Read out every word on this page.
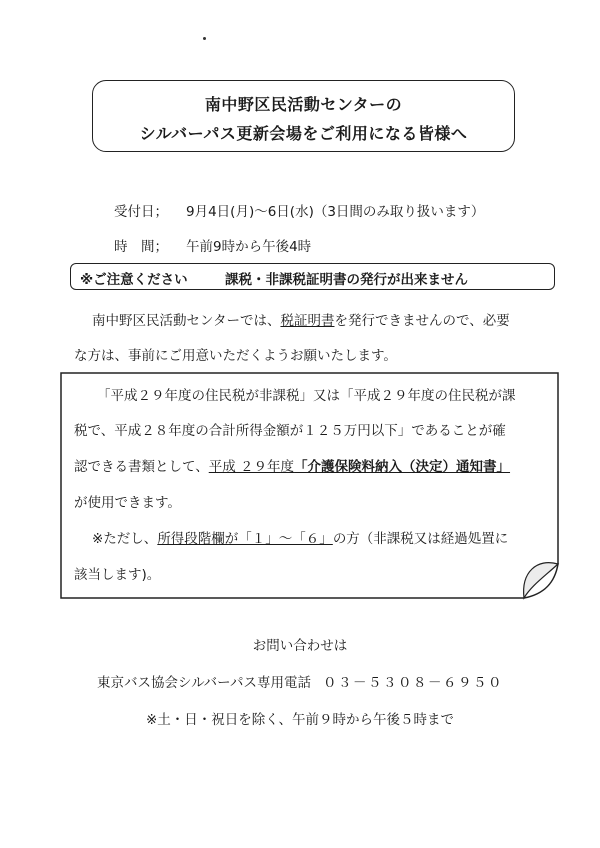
南中野区民活動センターの
シルバーパス更新会場をご利用になる皆様へ
受付日； 9月4日(月)～6日(水)（3日間のみ取り扱います）
時　間； 午前9時から午後4時
※ご注意ください	課税・非課税証明書の発行が出来ません
南中野区民活動センターでは、税証明書を発行できませんので、必要
な方は、事前にご用意いただくようお願いたします。
「平成２９年度の住民税が非課税」又は「平成２９年度の住民税が課
税で、平成２８年度の合計所得金額が１２５万円以下」であることが確
認できる書類として、平成 ２９年度「介護保険料納入（決定）通知書」
が使用できます。
※ただし、所得段階欄が「１」～「６」の方（非課税又は経過処置に
該当します)。
お問い合わせは
東京バス協会シルバーパス専用電話 ０３－５３０８－６９５０
※土・日・祝日を除く、午前９時から午後５時まで
